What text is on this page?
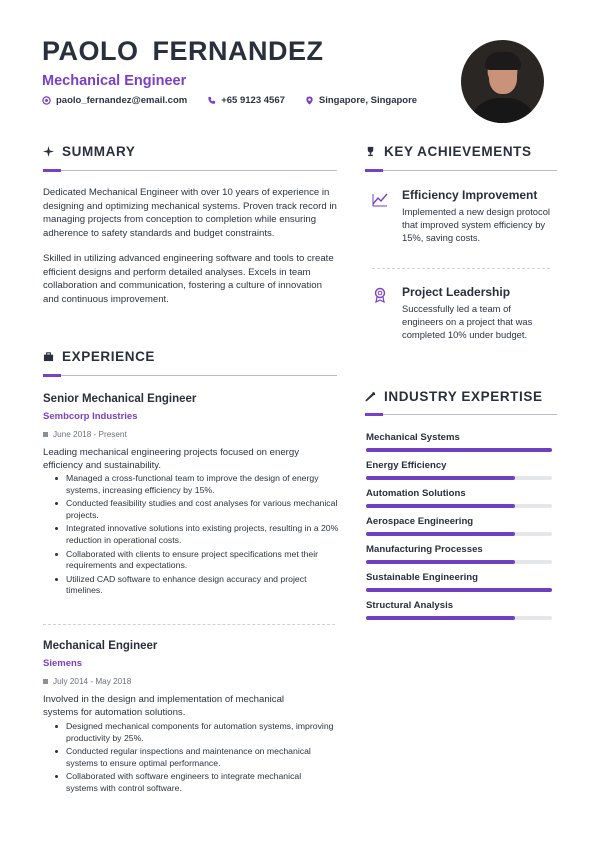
PAOLO FERNANDEZ
Mechanical Engineer
paolo_fernandez@email.com	+65 9123 4567	Singapore, Singapore
SUMMARY
Dedicated Mechanical Engineer with over 10 years of experience in designing and optimizing mechanical systems. Proven track record in managing projects from conception to completion while ensuring adherence to safety standards and budget constraints.
Skilled in utilizing advanced engineering software and tools to create efficient designs and perform detailed analyses. Excels in team collaboration and communication, fostering a culture of innovation and continuous improvement.
EXPERIENCE
Senior Mechanical Engineer
Sembcorp Industries
June 2018 - Present
Leading mechanical engineering projects focused on energy efficiency and sustainability.
Managed a cross-functional team to improve the design of energy systems, increasing efficiency by 15%.
Conducted feasibility studies and cost analyses for various mechanical projects.
Integrated innovative solutions into existing projects, resulting in a 20% reduction in operational costs.
Collaborated with clients to ensure project specifications met their requirements and expectations.
Utilized CAD software to enhance design accuracy and project timelines.
Mechanical Engineer
Siemens
July 2014 - May 2018
Involved in the design and implementation of mechanical systems for automation solutions.
Designed mechanical components for automation systems, improving productivity by 25%.
Conducted regular inspections and maintenance on mechanical systems to ensure optimal performance.
Collaborated with software engineers to integrate mechanical systems with control software.
KEY ACHIEVEMENTS
Efficiency Improvement
Implemented a new design protocol that improved system efficiency by 15%, saving costs.
Project Leadership
Successfully led a team of engineers on a project that was completed 10% under budget.
INDUSTRY EXPERTISE
Mechanical Systems
Energy Efficiency
Automation Solutions
Aerospace Engineering
Manufacturing Processes
Sustainable Engineering
Structural Analysis
